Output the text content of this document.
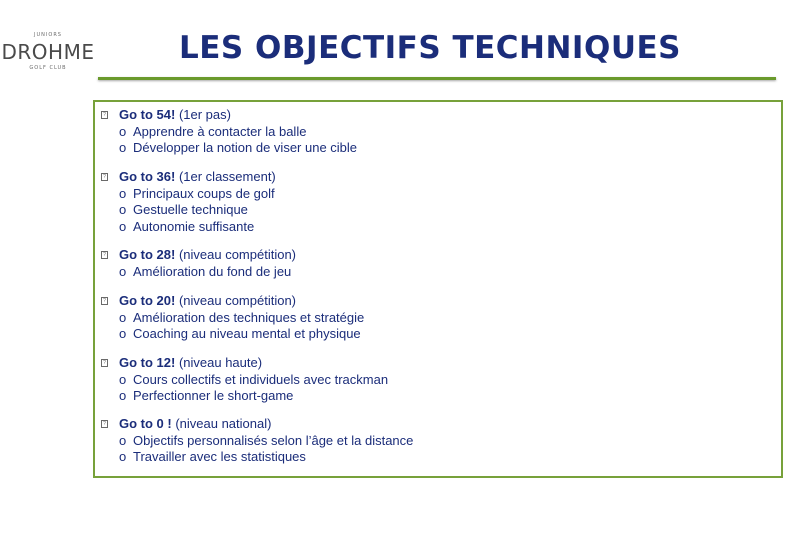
JUNIORS
DROHME
GOLF CLUB
LES OBJECTIFS TECHNIQUES
? Go to 54! (1er pas)
o Apprendre à contacter la balle
o Développer la notion de viser une cible
? Go to 36! (1er classement)
o Principaux coups de golf
o Gestuelle technique
o Autonomie suffisante
? Go to 28! (niveau compétition)
o Amélioration du fond de jeu
? Go to 20! (niveau compétition)
o Amélioration des techniques et stratégie
o Coaching au niveau mental et physique
? Go to 12! (niveau haute)
o Cours collectifs et individuels avec trackman
o Perfectionner le short-game
? Go to 0 ! (niveau national)
o Objectifs personnalisés selon l’âge et la distance
o Travailler avec les statistiques
